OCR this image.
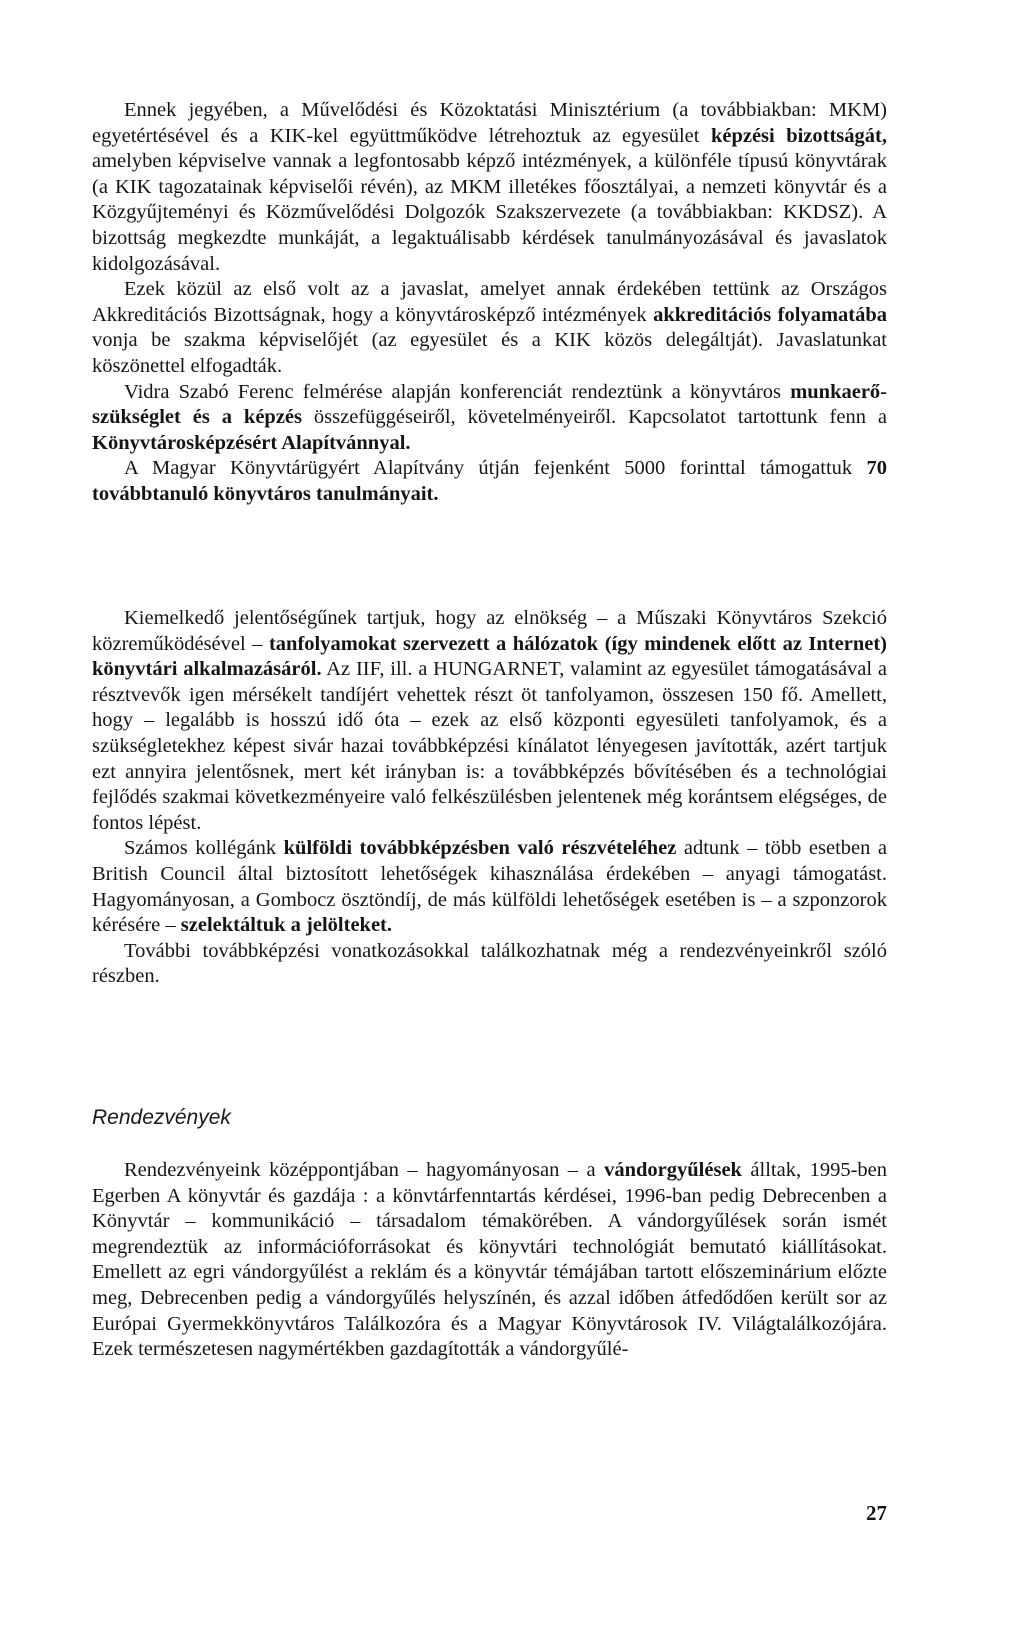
Ennek jegyében, a Művelődési és Közoktatási Minisztérium (a továbbiakban: MKM) egyetértésével és a KIK-kel együttműködve létrehoztuk az egyesület képzési bizottságát, amelyben képviselve vannak a legfontosabb képző intézmények, a különféle típusú könyvtárak (a KIK tagozatainak képviselői révén), az MKM illetékes főosztályai, a nemzeti könyvtár és a Közgyűjteményi és Közművelődési Dolgozók Szakszervezete (a továbbiakban: KKDSZ). A bizottság megkezdte munkáját, a legaktuálisabb kérdések tanulmányozásával és javaslatok kidolgozásával.

Ezek közül az első volt az a javaslat, amelyet annak érdekében tettünk az Országos Akkreditációs Bizottságnak, hogy a könyvtárosképző intézmények akkreditációs folyamatába vonja be szakma képviselőjét (az egyesület és a KIK közös delegáltját). Javaslatunkat köszönettel elfogadták.

Vidra Szabó Ferenc felmérése alapján konferenciát rendeztünk a könyvtáros munkaerő-szükséglet és a képzés összefüggéseiről, követelményeiről. Kapcsolatot tartottunk fenn a Könyvtárosképzésért Alapítvánnyal.

A Magyar Könyvtárügyért Alapítvány útján fejenként 5000 forinttal támogattuk 70 továbbtanuló könyvtáros tanulmányait.

Kiemelkedő jelentőségűnek tartjuk, hogy az elnökség – a Műszaki Könyvtáros Szekció közreműködésével – tanfolyamokat szervezett a hálózatok (így mindenek előtt az Internet) könyvtári alkalmazásáról. Az IIF, ill. a HUNGARNET, valamint az egyesület támogatásával a résztvevők igen mérsékelt tandíjért vehettek részt öt tanfolyamon, összesen 150 fő. Amellett, hogy – legalább is hosszú idő óta – ezek az első központi egyesületi tanfolyamok, és a szükségletekhez képest sivár hazai továbbképzési kínálatot lényegesen javították, azért tartjuk ezt annyira jelentősnek, mert két irányban is: a továbbképzés bővítésében és a technológiai fejlődés szakmai következményeire való felkészülésben jelentenek még korántsem elégséges, de fontos lépést.

Számos kollégánk külföldi továbbképzésben való részvételéhez adtunk – több esetben a British Council által biztosított lehetőségek kihasználása érdekében – anyagi támogatást. Hagyományosan, a Gombocz ösztöndíj, de más külföldi lehetőségek esetében is – a szponzorok kérésére – szelektáltuk a jelölteket.

További továbbképzési vonatkozásokkal találkozhatnak még a rendezvényeinkről szóló részben.

Rendezvények

Rendezvényeink középpontjában – hagyományosan – a vándorgyűlések álltak, 1995-ben Egerben A könyvtár és gazdája : a könvtárfenntartás kérdései, 1996-ban pedig Debrecenben a Könyvtár – kommunikáció – társadalom témakörében. A vándorgyűlések során ismét megrendeztük az információforrásokat és könyvtári technológiát bemutató kiállításokat. Emellett az egri vándorgyűlést a reklám és a könyvtár témájában tartott előszeminárium előzte meg, Debrecenben pedig a vándorgyűlés helyszínén, és azzal időben átfedődően került sor az Európai Gyermekkönyvtáros Találkozóra és a Magyar Könyvtárosok IV. Világtalálkozójára. Ezek természetesen nagymértékben gazdagították a vándorgyűlé-

27
